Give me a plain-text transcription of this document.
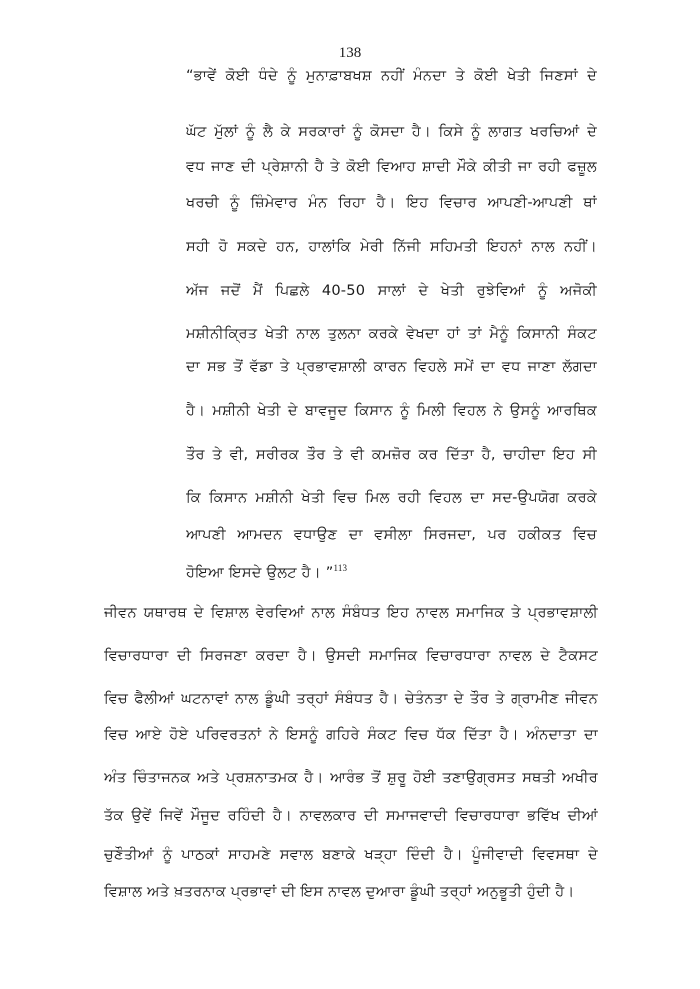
138
“ਭਾਵੇਂ ਕੋਈ ਧੰਦੇ ਨੂੰ ਮੁਨਾਫ਼ਾਬਖਸ਼ ਨਹੀਂ ਮੰਨਦਾ ਤੇ ਕੋਈ ਖੇਤੀ ਜਿਣਸਾਂ ਦੇ
ਘੱਟ ਮੁੱਲਾਂ ਨੂੰ ਲੈ ਕੇ ਸਰਕਾਰਾਂ ਨੂੰ ਕੋਸਦਾ ਹੈ। ਕਿਸੇ ਨੂੰ ਲਾਗਤ ਖਰਚਿਆਂ ਦੇ
ਵਧ ਜਾਣ ਦੀ ਪ੍ਰੇਸ਼ਾਨੀ ਹੈ ਤੇ ਕੋਈ ਵਿਆਹ ਸ਼ਾਦੀ ਮੌਕੇ ਕੀਤੀ ਜਾ ਰਹੀ ਫਜ਼ੂਲ
ਖਰਚੀ ਨੂੰ ਜ਼ਿੰਮੇਵਾਰ ਮੰਨ ਰਿਹਾ ਹੈ। ਇਹ ਵਿਚਾਰ ਆਪਣੀ-ਆਪਣੀ ਥਾਂ
ਸਹੀ ਹੋ ਸਕਦੇ ਹਨ, ਹਾਲਾਂਕਿ ਮੇਰੀ ਨਿੱਜੀ ਸਹਿਮਤੀ ਇਹਨਾਂ ਨਾਲ ਨਹੀਂ।
ਅੱਜ ਜਦੋਂ ਮੈਂ ਪਿਛਲੇ 40-50 ਸਾਲਾਂ ਦੇ ਖੇਤੀ ਰੁਝੇਵਿਆਂ ਨੂੰ ਅਜੋਕੀ
ਮਸ਼ੀਨੀਕ੍ਰਿਤ ਖੇਤੀ ਨਾਲ ਤੁਲਨਾ ਕਰਕੇ ਵੇਖਦਾ ਹਾਂ ਤਾਂ ਮੈਨੂੰ ਕਿਸਾਨੀ ਸੰਕਟ
ਦਾ ਸਭ ਤੋਂ ਵੱਡਾ ਤੇ ਪ੍ਰਭਾਵਸ਼ਾਲੀ ਕਾਰਨ ਵਿਹਲੇ ਸਮੇਂ ਦਾ ਵਧ ਜਾਣਾ ਲੱਗਦਾ
ਹੈ। ਮਸ਼ੀਨੀ ਖੇਤੀ ਦੇ ਬਾਵਜੂਦ ਕਿਸਾਨ ਨੂੰ ਮਿਲੀ ਵਿਹਲ ਨੇ ਉਸਨੂੰ ਆਰਥਿਕ
ਤੌਰ ਤੇ ਵੀ, ਸਰੀਰਕ ਤੌਰ ਤੇ ਵੀ ਕਮਜ਼ੋਰ ਕਰ ਦਿੱਤਾ ਹੈ, ਚਾਹੀਦਾ ਇਹ ਸੀ
ਕਿ ਕਿਸਾਨ ਮਸ਼ੀਨੀ ਖੇਤੀ ਵਿਚ ਮਿਲ ਰਹੀ ਵਿਹਲ ਦਾ ਸਦ-ਉਪਯੋਗ ਕਰਕੇ
ਆਪਣੀ ਆਮਦਨ ਵਧਾਉਣ ਦਾ ਵਸੀਲਾ ਸਿਰਜਦਾ, ਪਰ ਹਕੀਕਤ ਵਿਚ
ਹੋਇਆ ਇਸਦੇ ਉਲਟ ਹੈ। ”$^{113}$
ਜੀਵਨ ਯਥਾਰਥ ਦੇ ਵਿਸ਼ਾਲ ਵੇਰਵਿਆਂ ਨਾਲ ਸੰਬੰਧਤ ਇਹ ਨਾਵਲ ਸਮਾਜਿਕ ਤੇ ਪ੍ਰਭਾਵਸ਼ਾਲੀ
ਵਿਚਾਰਧਾਰਾ ਦੀ ਸਿਰਜਣਾ ਕਰਦਾ ਹੈ। ਉਸਦੀ ਸਮਾਜਿਕ ਵਿਚਾਰਧਾਰਾ ਨਾਵਲ ਦੇ ਟੈਕਸਟ
ਵਿਚ ਫੈਲੀਆਂ ਘਟਨਾਵਾਂ ਨਾਲ ਡੂੰਘੀ ਤਰ੍ਹਾਂ ਸੰਬੰਧਤ ਹੈ। ਚੇਤੰਨਤਾ ਦੇ ਤੌਰ ਤੇ ਗ੍ਰਾਮੀਣ ਜੀਵਨ
ਵਿਚ ਆਏ ਹੋਏ ਪਰਿਵਰਤਨਾਂ ਨੇ ਇਸਨੂੰ ਗਹਿਰੇ ਸੰਕਟ ਵਿਚ ਧੱਕ ਦਿੱਤਾ ਹੈ। ਅੰਨਦਾਤਾ ਦਾ
ਅੰਤ ਚਿੰਤਾਜਨਕ ਅਤੇ ਪ੍ਰਸ਼ਨਾਤਮਕ ਹੈ। ਆਰੰਭ ਤੋਂ ਸ਼ੁਰੂ ਹੋਈ ਤਣਾਉਗ੍ਰਸਤ ਸਥਤੀ ਅਖੀਰ
ਤੱਕ ਉਵੇਂ ਜਿਵੇਂ ਮੌਜੂਦ ਰਹਿੰਦੀ ਹੈ। ਨਾਵਲਕਾਰ ਦੀ ਸਮਾਜਵਾਦੀ ਵਿਚਾਰਧਾਰਾ ਭਵਿੱਖ ਦੀਆਂ
ਚੁਣੌਤੀਆਂ ਨੂੰ ਪਾਠਕਾਂ ਸਾਹਮਣੇ ਸਵਾਲ ਬਣਾਕੇ ਖੜ੍ਹਾ ਦਿੰਦੀ ਹੈ। ਪੂੰਜੀਵਾਦੀ ਵਿਵਸਥਾ ਦੇ
ਵਿਸ਼ਾਲ ਅਤੇ ਖ਼ਤਰਨਾਕ ਪ੍ਰਭਾਵਾਂ ਦੀ ਇਸ ਨਾਵਲ ਦੁਆਰਾ ਡੂੰਘੀ ਤਰ੍ਹਾਂ ਅਨੁਭੂਤੀ ਹੁੰਦੀ ਹੈ।
